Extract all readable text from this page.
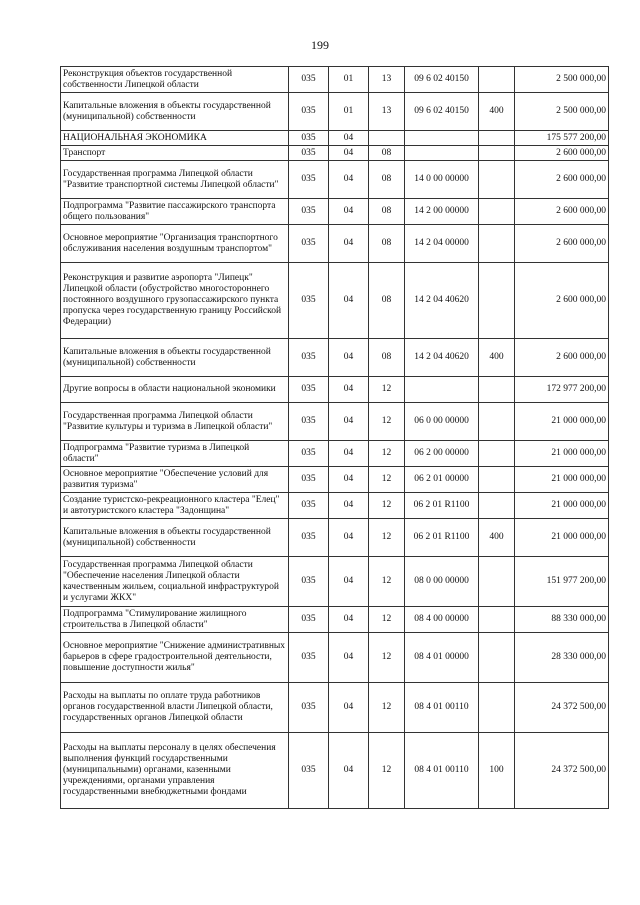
199
Реконструкция объектов государственной собственности Липецкой области	035	01	13	09 6 02 40150		2 500 000,00
Капитальные вложения в объекты государственной (муниципальной) собственности	035	01	13	09 6 02 40150	400	2 500 000,00
НАЦИОНАЛЬНАЯ ЭКОНОМИКА	035	04				175 577 200,00
Транспорт	035	04	08			2 600 000,00
Государственная программа Липецкой области "Развитие транспортной системы Липецкой области"	035	04	08	14 0 00 00000		2 600 000,00
Подпрограмма "Развитие пассажирского транспорта общего пользования"	035	04	08	14 2 00 00000		2 600 000,00
Основное мероприятие "Организация транспортного обслуживания населения воздушным транспортом"	035	04	08	14 2 04 00000		2 600 000,00
Реконструкция и развитие аэропорта "Липецк" Липецкой области (обустройство многостороннего постоянного воздушного грузопассажирского пункта пропуска через государственную границу Российской Федерации)	035	04	08	14 2 04 40620		2 600 000,00
Капитальные вложения в объекты государственной (муниципальной) собственности	035	04	08	14 2 04 40620	400	2 600 000,00
Другие вопросы в области национальной экономики	035	04	12			172 977 200,00
Государственная программа Липецкой области "Развитие культуры и туризма в Липецкой области"	035	04	12	06 0 00 00000		21 000 000,00
Подпрограмма "Развитие туризма в Липецкой области"	035	04	12	06 2 00 00000		21 000 000,00
Основное мероприятие "Обеспечение условий для развития туризма"	035	04	12	06 2 01 00000		21 000 000,00
Создание туристско-рекреационного кластера "Елец" и автотуристского кластера "Задонщина"	035	04	12	06 2 01 R1100		21 000 000,00
Капитальные вложения в объекты государственной (муниципальной) собственности	035	04	12	06 2 01 R1100	400	21 000 000,00
Государственная программа Липецкой области "Обеспечение населения Липецкой области качественным жильем, социальной инфраструктурой и услугами ЖКХ"	035	04	12	08 0 00 00000		151 977 200,00
Подпрограмма "Стимулирование жилищного строительства в Липецкой области"	035	04	12	08 4 00 00000		88 330 000,00
Основное мероприятие "Снижение административных барьеров в сфере градостроительной деятельности, повышение доступности жилья"	035	04	12	08 4 01 00000		28 330 000,00
Расходы на выплаты по оплате труда работников органов государственной власти Липецкой области, государственных органов Липецкой области	035	04	12	08 4 01 00110		24 372 500,00
Расходы на выплаты персоналу в целях обеспечения выполнения функций государственными (муниципальными) органами, казенными учреждениями, органами управления государственными внебюджетными фондами	035	04	12	08 4 01 00110	100	24 372 500,00
